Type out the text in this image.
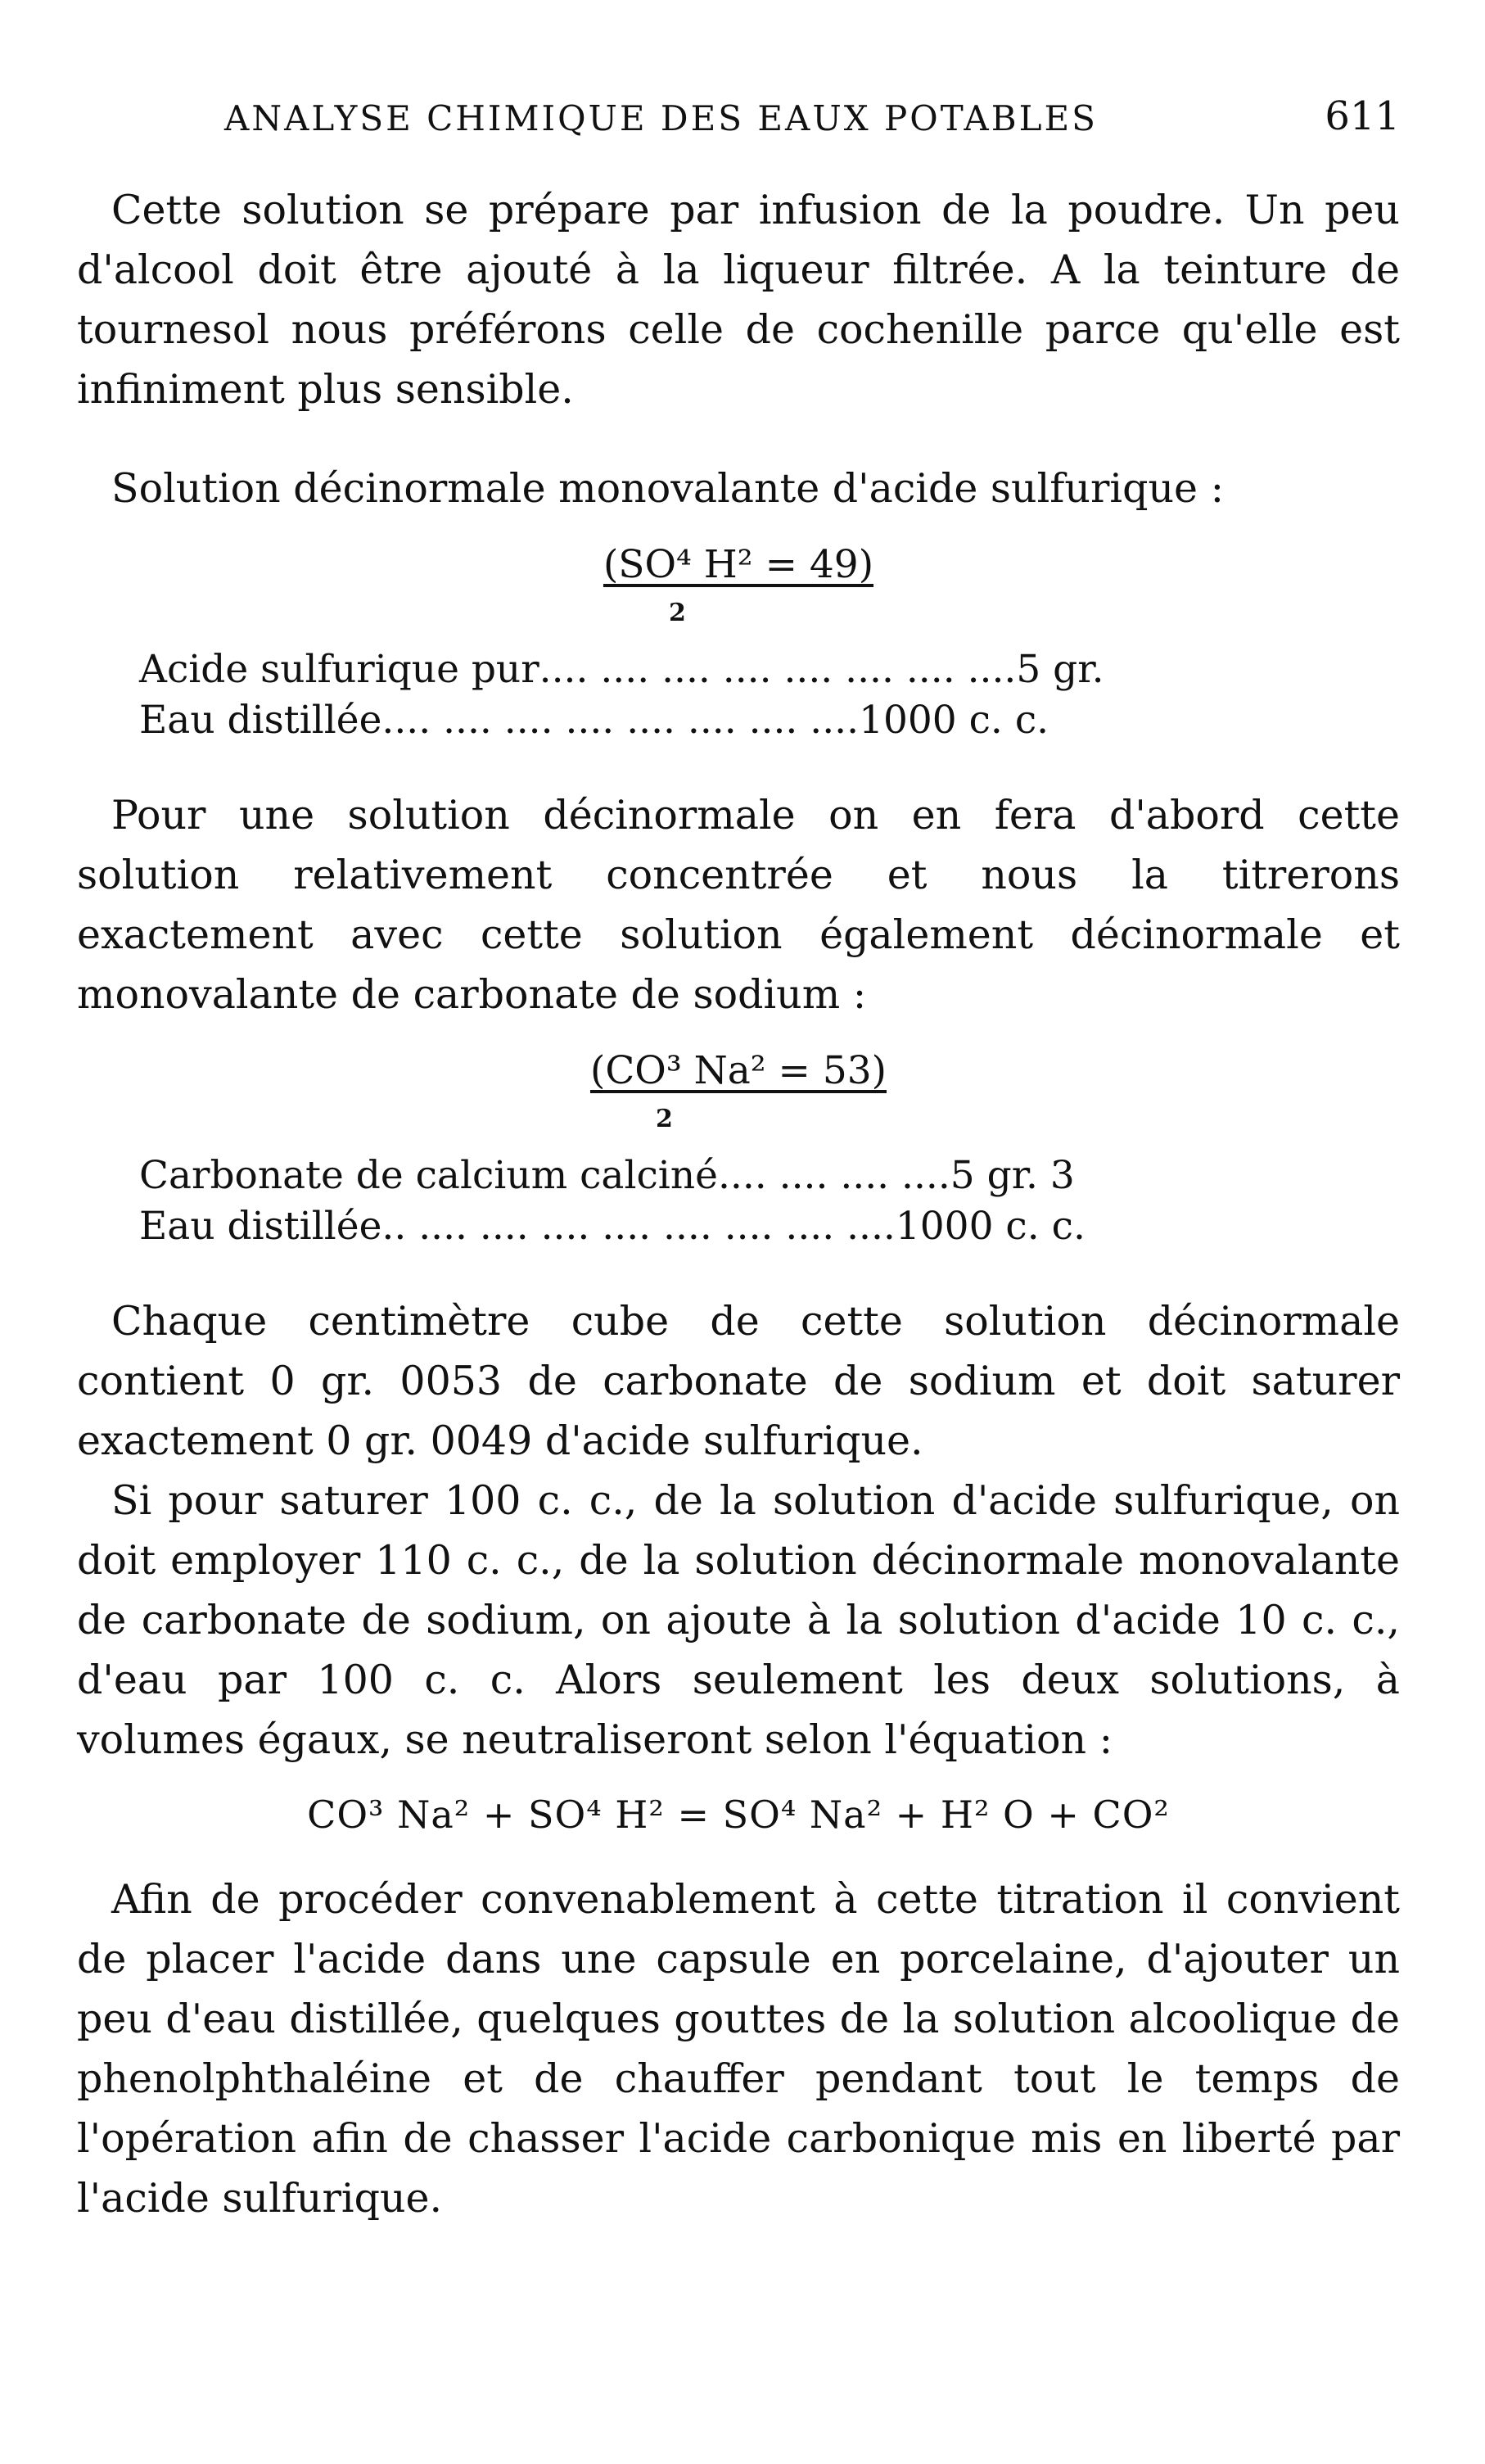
ANALYSE CHIMIQUE DES EAUX POTABLES	611

Cette solution se prépare par infusion de la poudre. Un peu d'alcool doit être ajouté à la liqueur filtrée. A la teinture de tournesol nous préférons celle de cochenille parce qu'elle est infiniment plus sensible.

Solution décinormale monovalante d'acide sulfurique :

(SO⁴ H² = 49)
2
Acide sulfurique pur .... .... .... .... .... .... .... .... 5 gr.
Eau distillée .... .... .... .... .... .... .... .... 1000 c. c.

Pour une solution décinormale on en fera d'abord cette solution relativement concentrée et nous la titrerons exactement avec cette solution également décinormale et monovalante de carbonate de sodium :

(CO³ Na² = 53)
2
Carbonate de calcium calciné .... .... .... .... 5 gr. 3
Eau distillée .. .... .... .... .... .... .... .... .... 1000 c. c.

Chaque centimètre cube de cette solution décinormale contient 0 gr. 0053 de carbonate de sodium et doit saturer exactement 0 gr. 0049 d'acide sulfurique.

Si pour saturer 100 c. c., de la solution d'acide sulfurique, on doit employer 110 c. c., de la solution décinormale monovalante de carbonate de sodium, on ajoute à la solution d'acide 10 c. c., d'eau par 100 c. c. Alors seulement les deux solutions, à volumes égaux, se neutraliseront selon l'équation :

CO³ Na² + SO⁴ H² = SO⁴ Na² + H² O + CO²

Afin de procéder convenablement à cette titration il convient de placer l'acide dans une capsule en porcelaine, d'ajouter un peu d'eau distillée, quelques gouttes de la solution alcoolique de phenolphthaléine et de chauffer pendant tout le temps de l'opération afin de chasser l'acide carbonique mis en liberté par l'acide sulfurique.
